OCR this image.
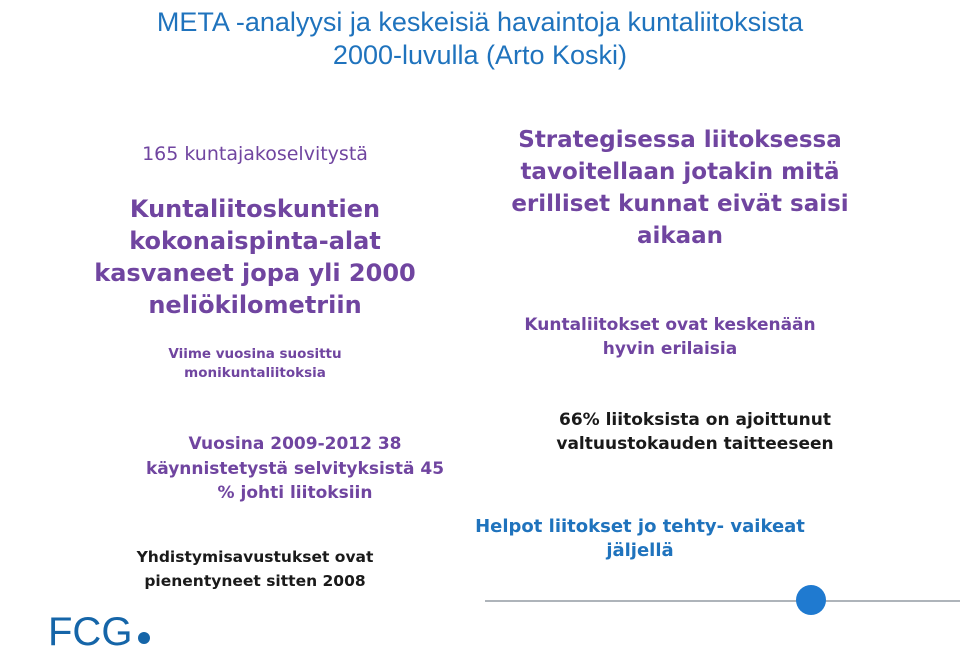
META -analyysi ja keskeisiä havaintoja kuntaliitoksista
2000-luvulla (Arto Koski)
165 kuntajakoselvitystä
Kuntaliitoskuntien
kokonaispinta-alat
kasvaneet jopa yli 2000
neliökilometriin
Viime vuosina suosittu
monikuntaliitoksia
Vuosina 2009-2012 38
käynnistetystä selvityksistä 45
% johti liitoksiin
Yhdistymisavustukset ovat
pienentyneet sitten 2008
Strategisessa liitoksessa
tavoitellaan jotakin mitä
erilliset kunnat eivät saisi
aikaan
Kuntaliitokset ovat keskenään
hyvin erilaisia
66% liitoksista on ajoittunut
valtuustokauden taitteeseen
Helpot liitokset jo tehty- vaikeat
jäljellä
FCG
